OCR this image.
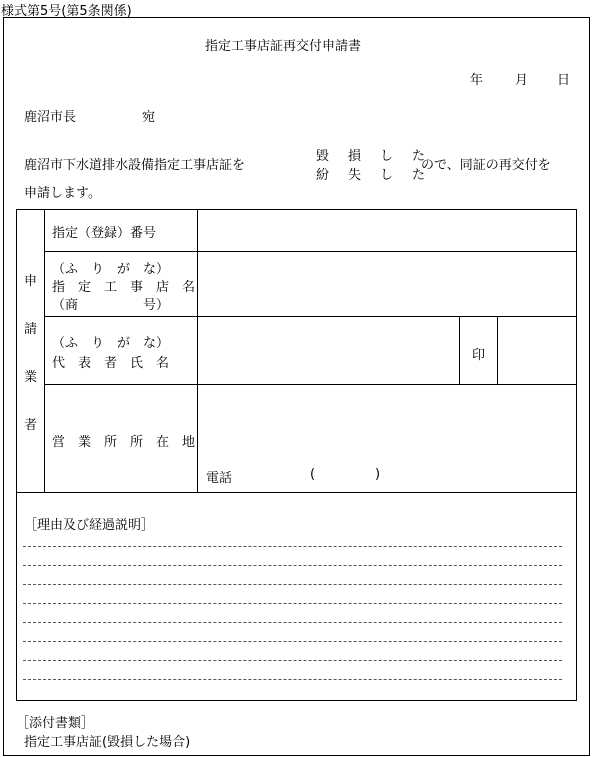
様式第5号(第5条関係)
指定工事店証再交付申請書
年 月 日
鹿沼市長	宛
鹿沼市下水道排水設備指定工事店証を
毀 損 し た
紛 失 し た
ので、同証の再交付を
申請します。
申
請
業
者
指定（登録）番号
（ふ　り　が　な）
指　定　工　事　店　名
（商　　　　　号）
（ふ　り　が　な）
代　表　者　氏　名
印
営　業　所　所　在　地
電話	(	)
［理由及び経過説明］
［添付書類］
指定工事店証(毀損した場合)
